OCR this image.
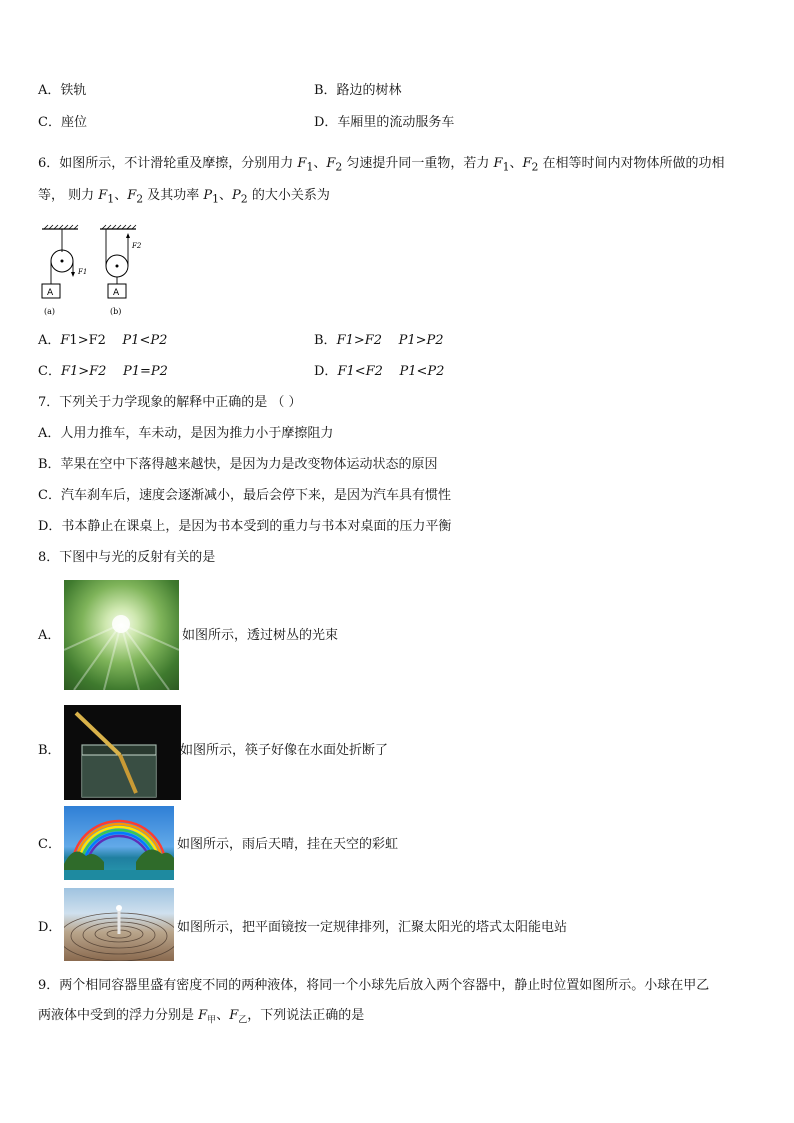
A．铁轨	B．路边的树林
C．座位	D．车厢里的流动服务车
6．如图所示，不计滑轮重及摩擦，分别用力 $F_1$、$F_2$ 匀速提升同一重物，若力 $F_1$、$F_2$ 在相等时间内对物体所做的功相
等， 则力 $F_1$、$F_2$ 及其功率 $P_1$、$P_2$ 的大小关系为
F1
A
(a)
F2
A
(b)
A．F1>F2 P1<P2	B．F1>F2 P1>P2
C．F1>F2 P1=P2	D．F1<F2 P1<P2
7．下列关于力学现象的解释中正确的是 （ ）
A．人用力推车，车未动，是因为推力小于摩擦阻力
B．苹果在空中下落得越来越快，是因为力是改变物体运动状态的原因
C．汽车刹车后，速度会逐渐减小，最后会停下来，是因为汽车具有惯性
D．书本静止在课桌上，是因为书本受到的重力与书本对桌面的压力平衡
8．下图中与光的反射有关的是
A．	如图所示，透过树丛的光束
B．	如图所示，筷子好像在水面处折断了
C．	如图所示，雨后天晴，挂在天空的彩虹
D．	如图所示，把平面镜按一定规律排列，汇聚太阳光的塔式太阳能电站
9．两个相同容器里盛有密度不同的两种液体，将同一个小球先后放入两个容器中，静止时位置如图所示。小球在甲乙
两液体中受到的浮力分别是 $F_甲$、$F_乙$，下列说法正确的是
